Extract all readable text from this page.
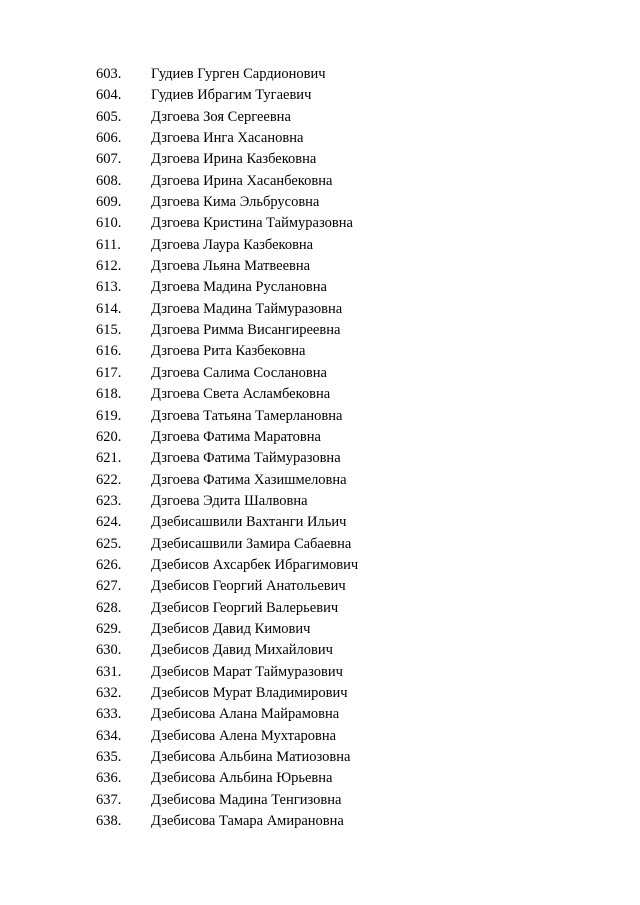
603.	Гудиев Гурген Сардионович
604.	Гудиев Ибрагим Тугаевич
605.	Дзгоева Зоя Сергеевна
606.	Дзгоева Инга Хасановна
607.	Дзгоева Ирина Казбековна
608.	Дзгоева Ирина Хасанбековна
609.	Дзгоева Кима Эльбрусовна
610.	Дзгоева Кристина Таймуразовна
611.	Дзгоева Лаура Казбековна
612.	Дзгоева Льяна Матвеевна
613.	Дзгоева Мадина Руслановна
614.	Дзгоева Мадина Таймуразовна
615.	Дзгоева Римма Висангиреевна
616.	Дзгоева Рита Казбековна
617.	Дзгоева Салима Сослановна
618.	Дзгоева Света Асламбековна
619.	Дзгоева Татьяна Тамерлановна
620.	Дзгоева Фатима Маратовна
621.	Дзгоева Фатима Таймуразовна
622.	Дзгоева Фатима Хазишмеловна
623.	Дзгоева Эдита Шалвовна
624.	Дзебисашвили Вахтанги Ильич
625.	Дзебисашвили Замира Сабаевна
626.	Дзебисов Ахсарбек Ибрагимович
627.	Дзебисов Георгий Анатольевич
628.	Дзебисов Георгий Валерьевич
629.	Дзебисов Давид Кимович
630.	Дзебисов Давид Михайлович
631.	Дзебисов Марат Таймуразович
632.	Дзебисов Мурат Владимирович
633.	Дзебисова Алана Майрамовна
634.	Дзебисова Алена Мухтаровна
635.	Дзебисова Альбина Матиозовна
636.	Дзебисова Альбина Юрьевна
637.	Дзебисова Мадина Тенгизовна
638.	Дзебисова Тамара Амирановна
